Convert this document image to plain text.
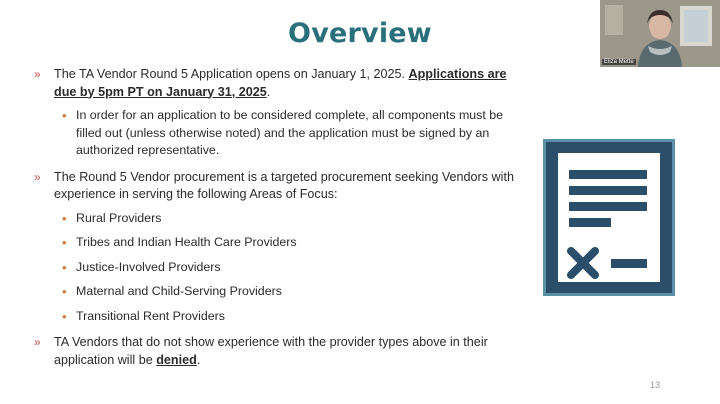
Overview
» The TA Vendor Round 5 Application opens on January 1, 2025. Applications are due by 5pm PT on January 31, 2025.
• In order for an application to be considered complete, all components must be filled out (unless otherwise noted) and the application must be signed by an authorized representative.
» The Round 5 Vendor procurement is a targeted procurement seeking Vendors with experience in serving the following Areas of Focus:
• Rural Providers
• Tribes and Indian Health Care Providers
• Justice-Involved Providers
• Maternal and Child-Serving Providers
• Transitional Rent Providers
» TA Vendors that do not show experience with the provider types above in their application will be denied.
13
Eliza Mette
